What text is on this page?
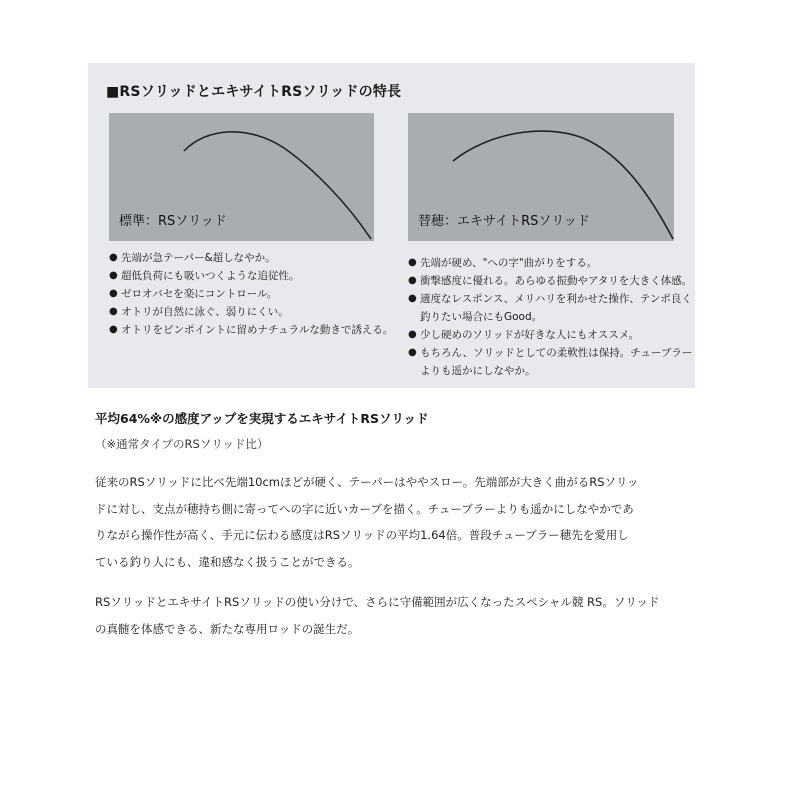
■RSソリッドとエキサイトRSソリッドの特長
標準：RSソリッド	替穂：エキサイトRSソリッド
● 先端が急テーパー&超しなやか。
● 超低負荷にも吸いつくような追従性。
● ゼロオバセを楽にコントロール。
● オトリが自然に泳ぐ、弱りにくい。
● オトリをピンポイントに留めナチュラルな動きで誘える。
● 先端が硬め、"への字"曲がりをする。
● 衝撃感度に優れる。あらゆる振動やアタリを大きく体感。
● 適度なレスポンス、メリハリを利かせた操作、テンポ良く
釣りたい場合にもGood。
● 少し硬めのソリッドが好きな人にもオススメ。
● もちろん、ソリッドとしての柔軟性は保持。チューブラー
よりも遥かにしなやか。
平均64%※の感度アップを実現するエキサイトRSソリッド
（※通常タイプのRSソリッド比）

従来のRSソリッドに比べ先端10cmほどが硬く、テーパーはややスロー。先端部が大きく曲がるRSソリッ
ドに対し、支点が穂持ち側に寄ってへの字に近いカーブを描く。チューブラーよりも遥かにしなやかであ
りながら操作性が高く、手元に伝わる感度はRSソリッドの平均1.64倍。普段チューブラー穂先を愛用し
ている釣り人にも、違和感なく扱うことができる。

RSソリッドとエキサイトRSソリッドの使い分けで、さらに守備範囲が広くなったスペシャル競 RS。ソリッド
の真髄を体感できる、新たな専用ロッドの誕生だ。
